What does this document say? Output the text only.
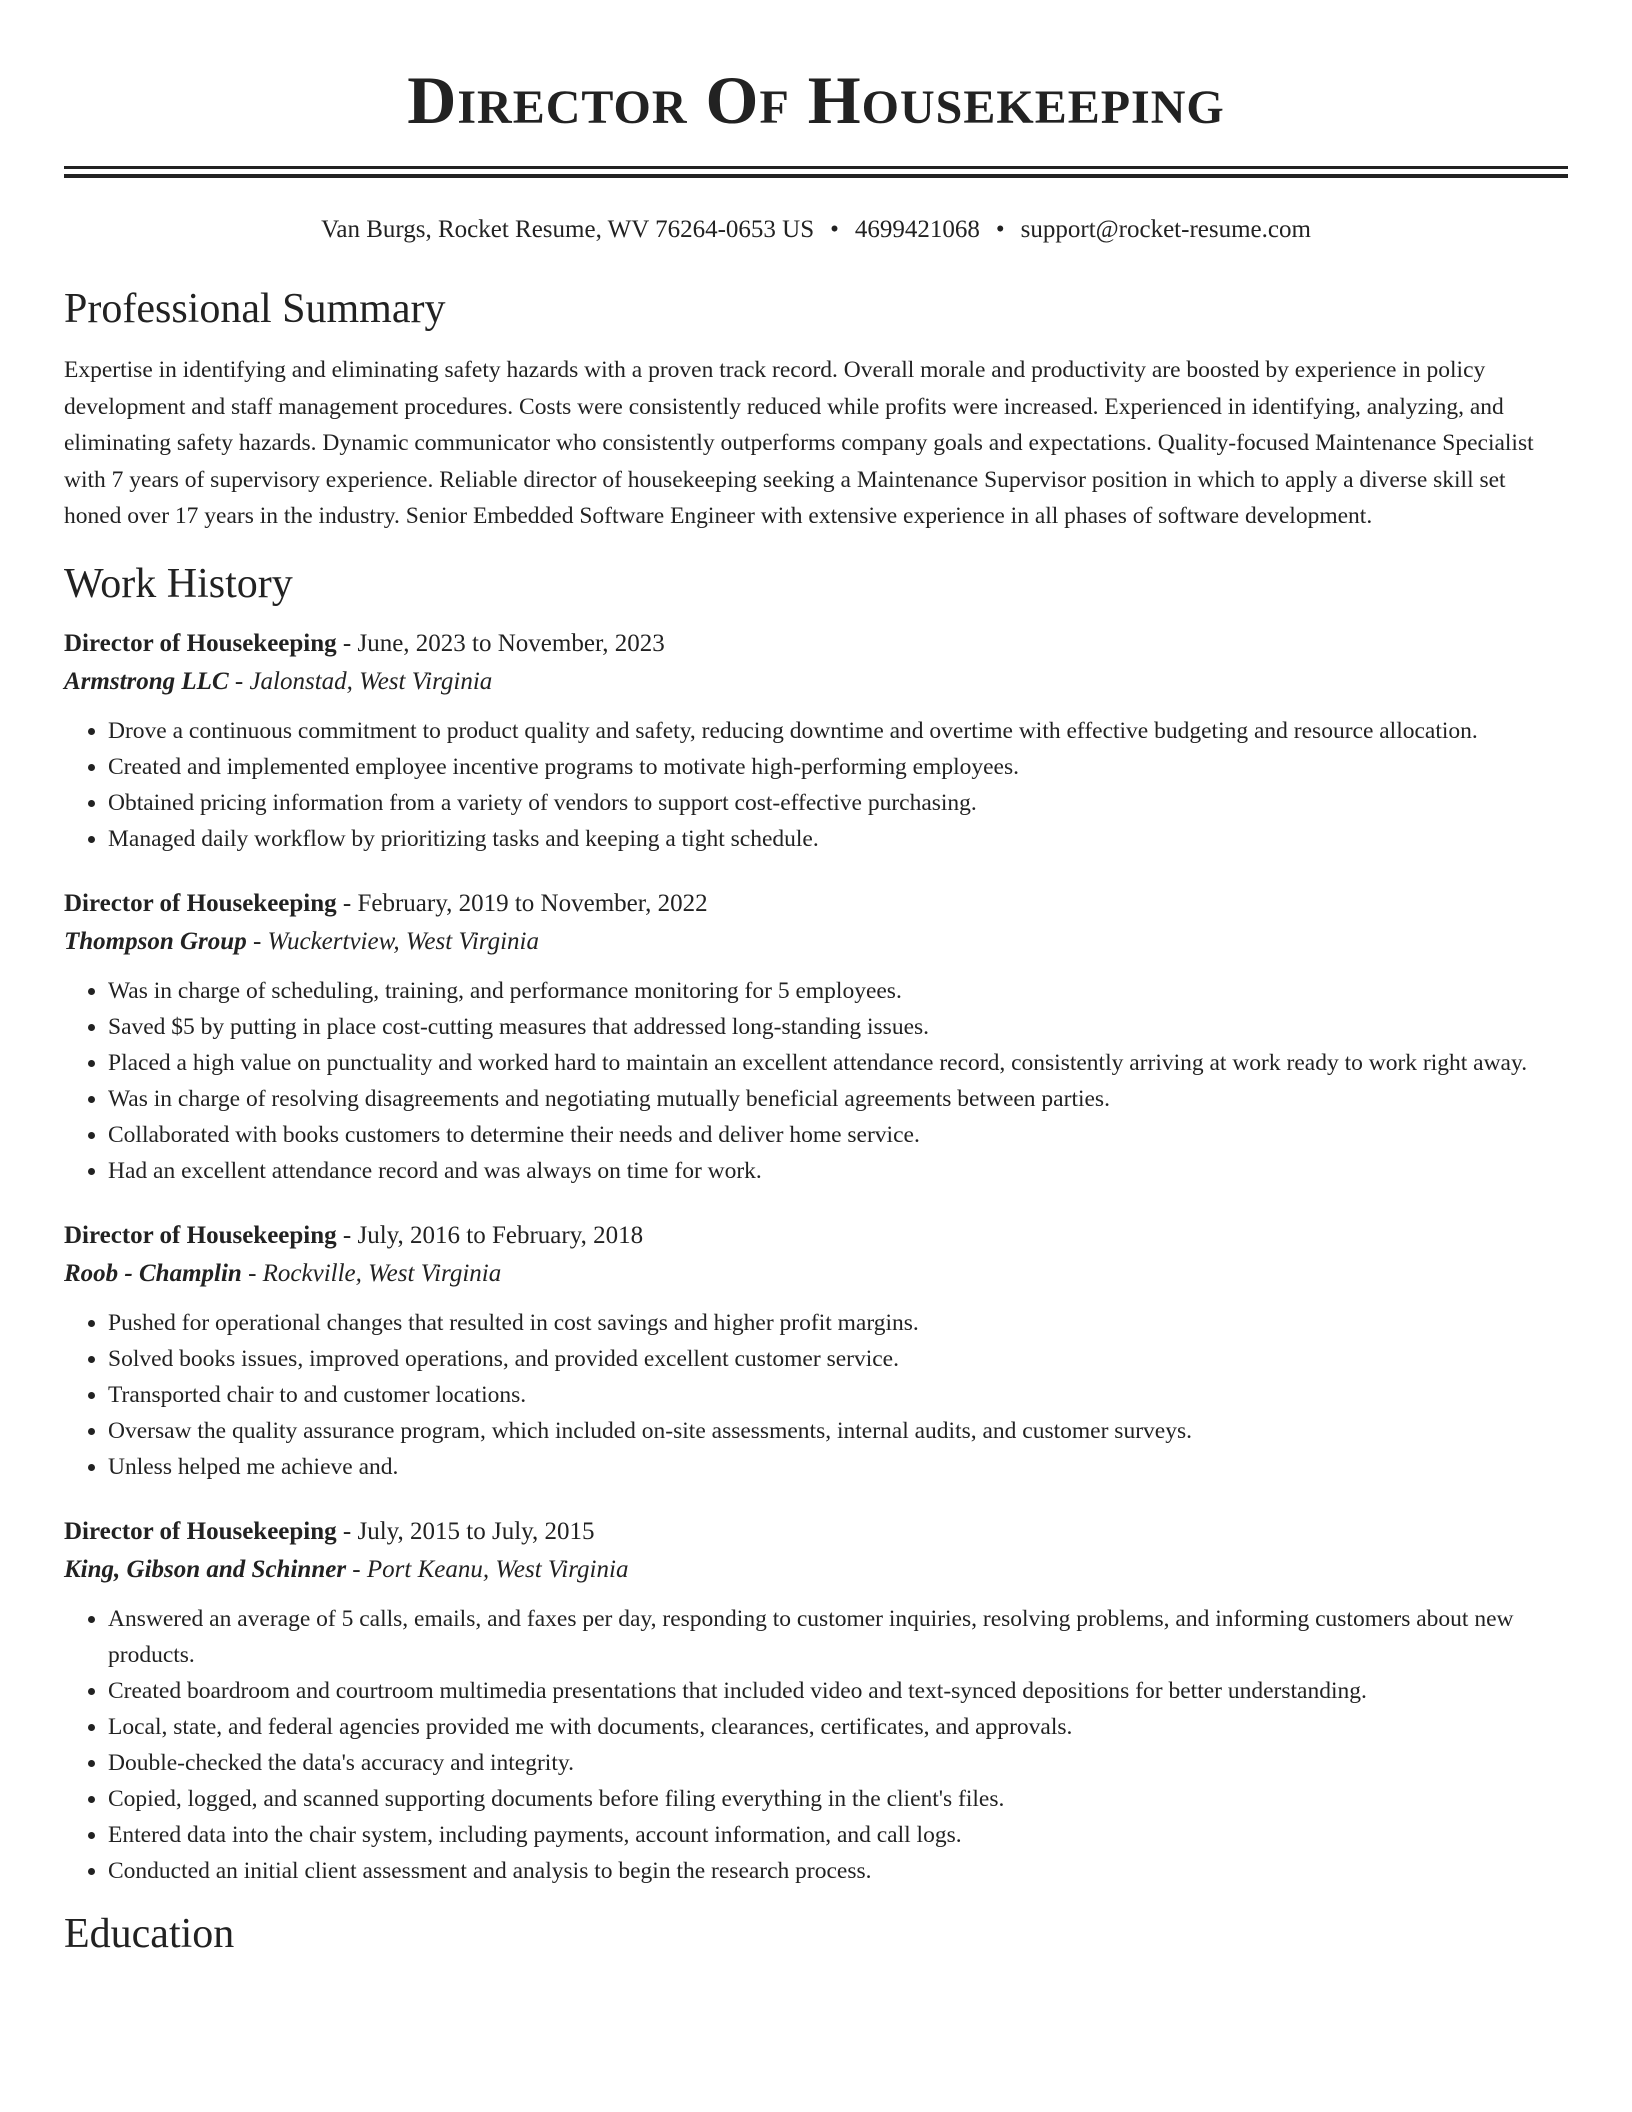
Director Of Housekeeping
Van Burgs, Rocket Resume, WV 76264-0653 US • 4699421068 • support@rocket-resume.com
Professional Summary
Expertise in identifying and eliminating safety hazards with a proven track record. Overall morale and productivity are boosted by experience in policy development and staff management procedures. Costs were consistently reduced while profits were increased. Experienced in identifying, analyzing, and eliminating safety hazards. Dynamic communicator who consistently outperforms company goals and expectations. Quality-focused Maintenance Specialist with 7 years of supervisory experience. Reliable director of housekeeping seeking a Maintenance Supervisor position in which to apply a diverse skill set honed over 17 years in the industry. Senior Embedded Software Engineer with extensive experience in all phases of software development.
Work History
Director of Housekeeping - June, 2023 to November, 2023
Armstrong LLC - Jalonstad, West Virginia
• Drove a continuous commitment to product quality and safety, reducing downtime and overtime with effective budgeting and resource allocation.
• Created and implemented employee incentive programs to motivate high-performing employees.
• Obtained pricing information from a variety of vendors to support cost-effective purchasing.
• Managed daily workflow by prioritizing tasks and keeping a tight schedule.
Director of Housekeeping - February, 2019 to November, 2022
Thompson Group - Wuckertview, West Virginia
• Was in charge of scheduling, training, and performance monitoring for 5 employees.
• Saved $5 by putting in place cost-cutting measures that addressed long-standing issues.
• Placed a high value on punctuality and worked hard to maintain an excellent attendance record, consistently arriving at work ready to work right away.
• Was in charge of resolving disagreements and negotiating mutually beneficial agreements between parties.
• Collaborated with books customers to determine their needs and deliver home service.
• Had an excellent attendance record and was always on time for work.
Director of Housekeeping - July, 2016 to February, 2018
Roob - Champlin - Rockville, West Virginia
• Pushed for operational changes that resulted in cost savings and higher profit margins.
• Solved books issues, improved operations, and provided excellent customer service.
• Transported chair to and customer locations.
• Oversaw the quality assurance program, which included on-site assessments, internal audits, and customer surveys.
• Unless helped me achieve and.
Director of Housekeeping - July, 2015 to July, 2015
King, Gibson and Schinner - Port Keanu, West Virginia
• Answered an average of 5 calls, emails, and faxes per day, responding to customer inquiries, resolving problems, and informing customers about new products.
• Created boardroom and courtroom multimedia presentations that included video and text-synced depositions for better understanding.
• Local, state, and federal agencies provided me with documents, clearances, certificates, and approvals.
• Double-checked the data's accuracy and integrity.
• Copied, logged, and scanned supporting documents before filing everything in the client's files.
• Entered data into the chair system, including payments, account information, and call logs.
• Conducted an initial client assessment and analysis to begin the research process.
Education
